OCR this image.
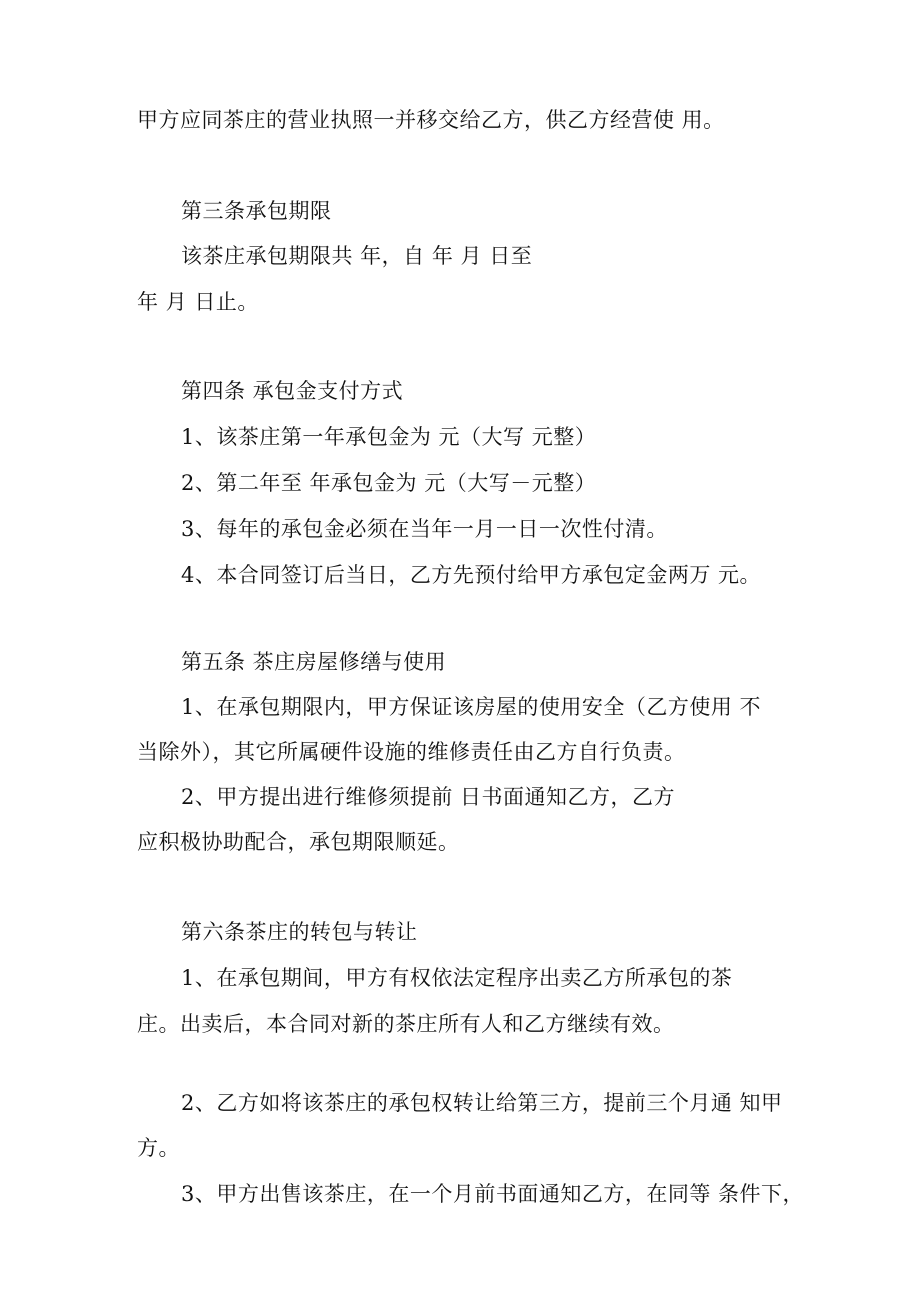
甲方应同茶庄的营业执照一并移交给乙方，供乙方经营使 用。
第三条承包期限
该茶庄承包期限共 年，自 年 月 日至
年 月 日止。
第四条 承包金支付方式
1、该茶庄第一年承包金为 元（大写 元整）
2、第二年至 年承包金为 元（大写－元整）
3、每年的承包金必须在当年一月一日一次性付清。
4、本合同签订后当日，乙方先预付给甲方承包定金两万 元。
第五条 茶庄房屋修缮与使用
1、在承包期限内，甲方保证该房屋的使用安全（乙方使用 不
当除外），其它所属硬件设施的维修责任由乙方自行负责。
2、甲方提出进行维修须提前 日书面通知乙方，乙方
应积极协助配合，承包期限顺延。
第六条茶庄的转包与转让
1、在承包期间，甲方有权依法定程序出卖乙方所承包的茶
庄。出卖后，本合同对新的茶庄所有人和乙方继续有效。
2、乙方如将该茶庄的承包权转让给第三方，提前三个月通 知甲
方。
3、甲方出售该茶庄，在一个月前书面通知乙方，在同等 条件下，
